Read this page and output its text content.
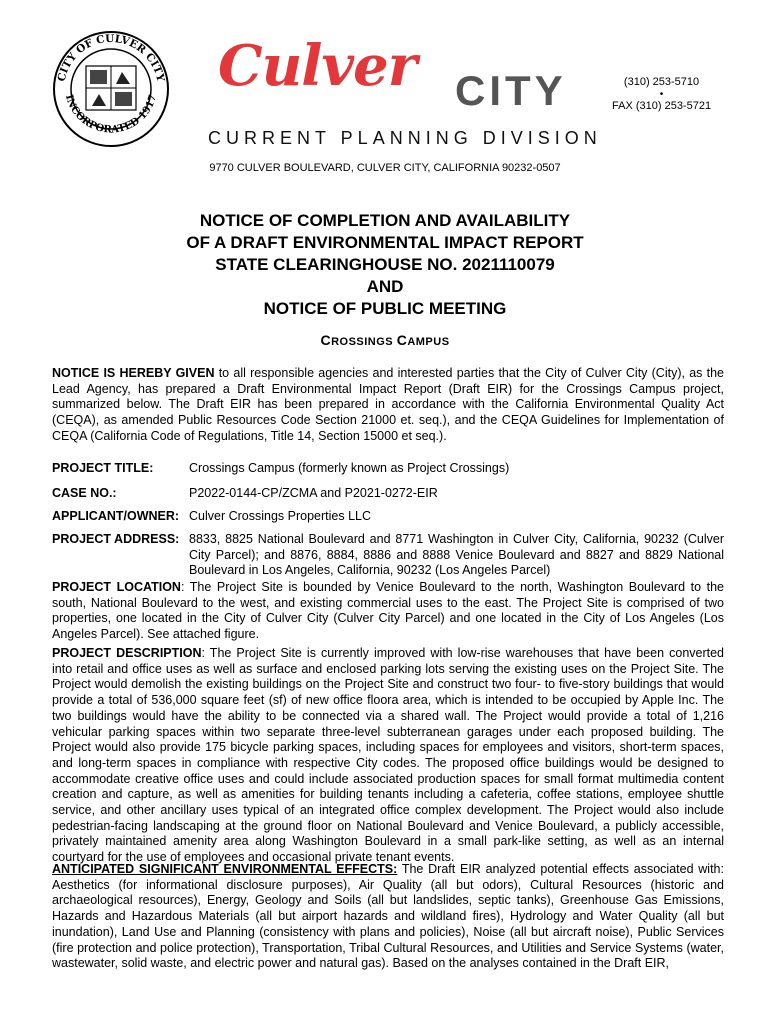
CITY OF CULVER CITY
INCORPORATED 1917 Culver CITY
CURRENT PLANNING DIVISION
(310) 253-5710
•
FAX (310) 253-5721
9770 CULVER BOULEVARD, CULVER CITY, CALIFORNIA 90232-0507
NOTICE OF COMPLETION AND AVAILABILITY
OF A DRAFT ENVIRONMENTAL IMPACT REPORT
STATE CLEARINGHOUSE NO. 2021110079
AND
NOTICE OF PUBLIC MEETING
CROSSINGS CAMPUS
NOTICE IS HEREBY GIVEN to all responsible agencies and interested parties that the City of Culver City (City), as the Lead Agency, has prepared a Draft Environmental Impact Report (Draft EIR) for the Crossings Campus project, summarized below. The Draft EIR has been prepared in accordance with the California Environmental Quality Act (CEQA), as amended Public Resources Code Section 21000 et. seq.), and the CEQA Guidelines for Implementation of CEQA (California Code of Regulations, Title 14, Section 15000 et seq.).
PROJECT TITLE:	Crossings Campus (formerly known as Project Crossings)
CASE NO.:	P2022-0144-CP/ZCMA and P2021-0272-EIR
APPLICANT/OWNER: Culver Crossings Properties LLC
PROJECT ADDRESS: 8833, 8825 National Boulevard and 8771 Washington in Culver City, California, 90232 (Culver City Parcel); and 8876, 8884, 8886 and 8888 Venice Boulevard and 8827 and 8829 National Boulevard in Los Angeles, California, 90232 (Los Angeles Parcel)
PROJECT LOCATION: The Project Site is bounded by Venice Boulevard to the north, Washington Boulevard to the south, National Boulevard to the west, and existing commercial uses to the east. The Project Site is comprised of two properties, one located in the City of Culver City (Culver City Parcel) and one located in the City of Los Angeles (Los Angeles Parcel). See attached figure.
PROJECT DESCRIPTION: The Project Site is currently improved with low-rise warehouses that have been converted into retail and office uses as well as surface and enclosed parking lots serving the existing uses on the Project Site. The Project would demolish the existing buildings on the Project Site and construct two four- to five-story buildings that would provide a total of 536,000 square feet (sf) of new office floora area, which is intended to be occupied by Apple Inc. The two buildings would have the ability to be connected via a shared wall. The Project would provide a total of 1,216 vehicular parking spaces within two separate three-level subterranean garages under each proposed building. The Project would also provide 175 bicycle parking spaces, including spaces for employees and visitors, short-term spaces, and long-term spaces in compliance with respective City codes. The proposed office buildings would be designed to accommodate creative office uses and could include associated production spaces for small format multimedia content creation and capture, as well as amenities for building tenants including a cafeteria, coffee stations, employee shuttle service, and other ancillary uses typical of an integrated office complex development. The Project would also include pedestrian-facing landscaping at the ground floor on National Boulevard and Venice Boulevard, a publicly accessible, privately maintained amenity area along Washington Boulevard in a small park-like setting, as well as an internal courtyard for the use of employees and occasional private tenant events.
ANTICIPATED SIGNIFICANT ENVIRONMENTAL EFFECTS: The Draft EIR analyzed potential effects associated with: Aesthetics (for informational disclosure purposes), Air Quality (all but odors), Cultural Resources (historic and archaeological resources), Energy, Geology and Soils (all but landslides, septic tanks), Greenhouse Gas Emissions, Hazards and Hazardous Materials (all but airport hazards and wildland fires), Hydrology and Water Quality (all but inundation), Land Use and Planning (consistency with plans and policies), Noise (all but aircraft noise), Public Services (fire protection and police protection), Transportation, Tribal Cultural Resources, and Utilities and Service Systems (water, wastewater, solid waste, and electric power and natural gas). Based on the analyses contained in the Draft EIR,
